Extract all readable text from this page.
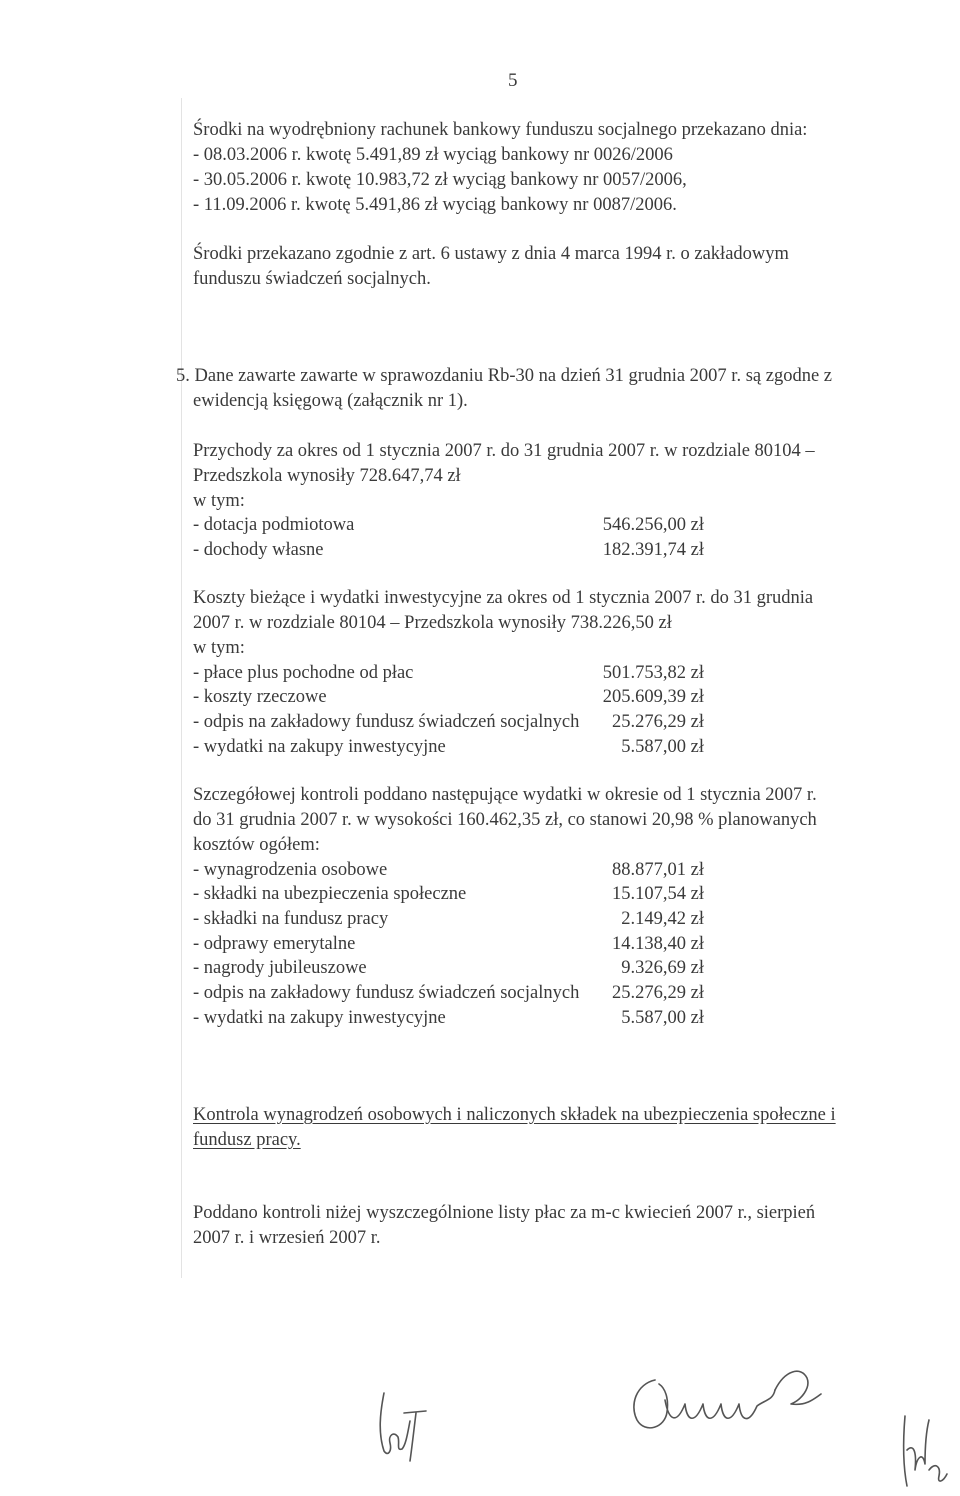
5
Środki na wyodrębniony rachunek bankowy funduszu socjalnego przekazano dnia:
- 08.03.2006 r. kwotę 5.491,89 zł wyciąg bankowy nr 0026/2006
- 30.05.2006 r. kwotę 10.983,72 zł wyciąg bankowy nr 0057/2006,
- 11.09.2006 r. kwotę 5.491,86 zł wyciąg bankowy nr 0087/2006.
Środki przekazano zgodnie z art. 6 ustawy z dnia 4 marca 1994 r. o zakładowym
funduszu świadczeń socjalnych.
5. Dane zawarte zawarte w sprawozdaniu Rb-30 na dzień 31 grudnia 2007 r. są zgodne z
ewidencją księgową (załącznik nr 1).
Przychody za okres od 1 stycznia 2007 r. do 31 grudnia 2007 r. w rozdziale 80104 –
Przedszkola wynosiły 728.647,74 zł
w tym:
- dotacja podmiotowa	546.256,00 zł
- dochody własne	182.391,74 zł
Koszty bieżące i wydatki inwestycyjne za okres od 1 stycznia 2007 r. do 31 grudnia
2007 r. w rozdziale 80104 – Przedszkola wynosiły 738.226,50 zł
w tym:
- płace plus pochodne od płac	501.753,82 zł
- koszty rzeczowe	205.609,39 zł
- odpis na zakładowy fundusz świadczeń socjalnych 25.276,29 zł
- wydatki na zakupy inwestycyjne	5.587,00 zł
Szczegółowej kontroli poddano następujące wydatki w okresie od 1 stycznia 2007 r.
do 31 grudnia 2007 r. w wysokości 160.462,35 zł, co stanowi 20,98 % planowanych
kosztów ogółem:
- wynagrodzenia osobowe	88.877,01 zł
- składki na ubezpieczenia społeczne	15.107,54 zł
- składki na fundusz pracy	2.149,42 zł
- odprawy emerytalne	14.138,40 zł
- nagrody jubileuszowe	9.326,69 zł
- odpis na zakładowy fundusz świadczeń socjalnych 25.276,29 zł
- wydatki na zakupy inwestycyjne	5.587,00 zł
Kontrola wynagrodzeń osobowych i naliczonych składek na ubezpieczenia społeczne i
fundusz pracy.
Poddano kontroli niżej wyszczególnione listy płac za m-c kwiecień 2007 r., sierpień
2007 r. i wrzesień 2007 r.
